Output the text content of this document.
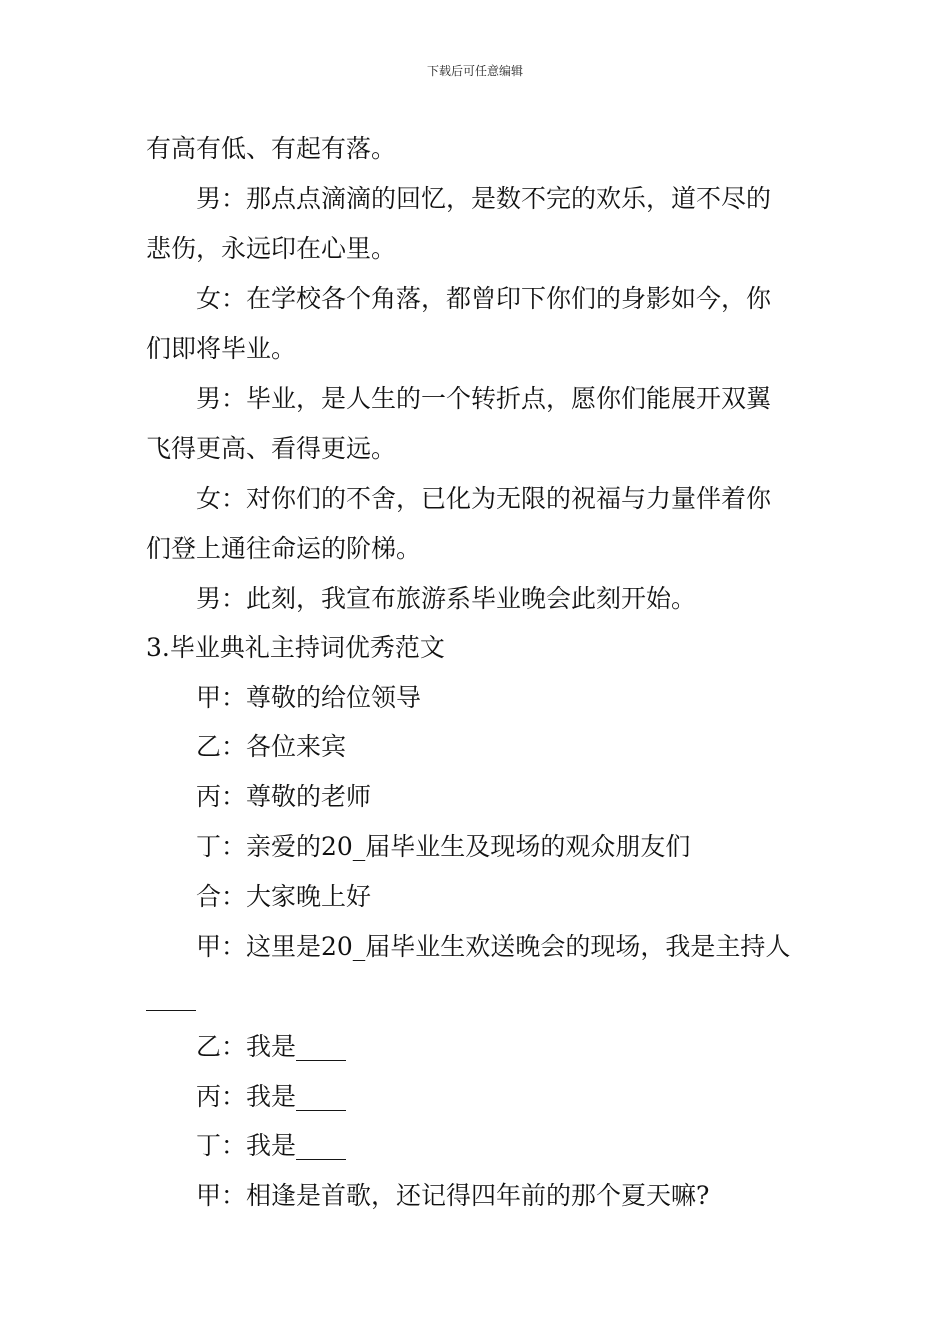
下载后可任意编辑
有高有低、有起有落。
男：那点点滴滴的回忆，是数不完的欢乐，道不尽的
悲伤，永远印在心里。
女：在学校各个角落，都曾印下你们的身影如今，你
们即将毕业。
男：毕业，是人生的一个转折点，愿你们能展开双翼
飞得更高、看得更远。
女：对你们的不舍，已化为无限的祝福与力量伴着你
们登上通往命运的阶梯。
男：此刻，我宣布旅游系毕业晚会此刻开始。
3.毕业典礼主持词优秀范文
甲：尊敬的给位领导
乙：各位来宾
丙：尊敬的老师
丁：亲爱的20_届毕业生及现场的观众朋友们
合：大家晚上好
甲：这里是20_届毕业生欢送晚会的现场，我是主持人
____
乙：我是____
丙：我是____
丁：我是____
甲：相逢是首歌，还记得四年前的那个夏天嘛?
